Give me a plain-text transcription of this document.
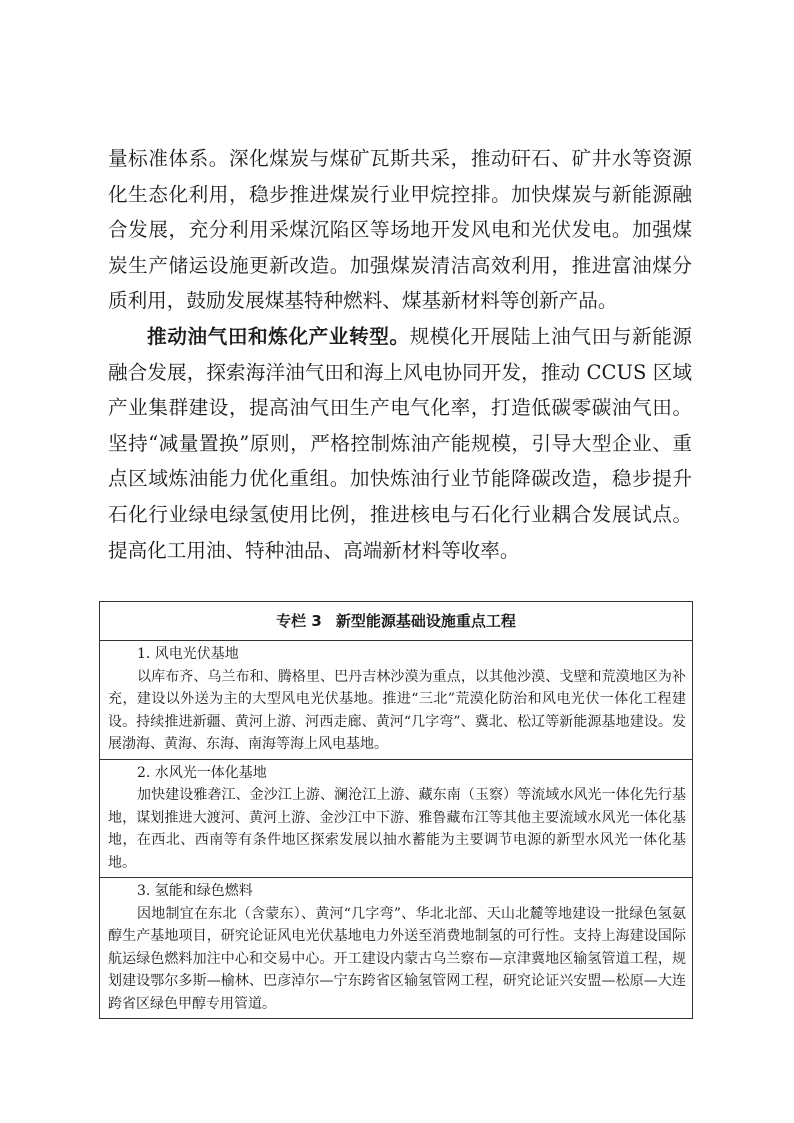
量标准体系。深化煤炭与煤矿瓦斯共采，推动矸石、矿井水等资源化生态化利用，稳步推进煤炭行业甲烷控排。加快煤炭与新能源融合发展，充分利用采煤沉陷区等场地开发风电和光伏发电。加强煤炭生产储运设施更新改造。加强煤炭清洁高效利用，推进富油煤分质利用，鼓励发展煤基特种燃料、煤基新材料等创新产品。

推动油气田和炼化产业转型。规模化开展陆上油气田与新能源融合发展，探索海洋油气田和海上风电协同开发，推动 CCUS 区域产业集群建设，提高油气田生产电气化率，打造低碳零碳油气田。坚持“减量置换”原则，严格控制炼油产能规模，引导大型企业、重点区域炼油能力优化重组。加快炼油行业节能降碳改造，稳步提升石化行业绿电绿氢使用比例，推进核电与石化行业耦合发展试点。提高化工用油、特种油品、高端新材料等收率。

专栏 3 新型能源基础设施重点工程

1. 风电光伏基地

以库布齐、乌兰布和、腾格里、巴丹吉林沙漠为重点，以其他沙漠、戈壁和荒漠地区为补充，建设以外送为主的大型风电光伏基地。推进“三北”荒漠化防治和风电光伏一体化工程建设。持续推进新疆、黄河上游、河西走廊、黄河“几字弯”、冀北、松辽等新能源基地建设。发展渤海、黄海、东海、南海等海上风电基地。

2. 水风光一体化基地

加快建设雅砻江、金沙江上游、澜沧江上游、藏东南（玉察）等流域水风光一体化先行基地，谋划推进大渡河、黄河上游、金沙江中下游、雅鲁藏布江等其他主要流域水风光一体化基地，在西北、西南等有条件地区探索发展以抽水蓄能为主要调节电源的新型水风光一体化基地。

3. 氢能和绿色燃料

因地制宜在东北（含蒙东）、黄河“几字弯”、华北北部、天山北麓等地建设一批绿色氢氨醇生产基地项目，研究论证风电光伏基地电力外送至消费地制氢的可行性。支持上海建设国际航运绿色燃料加注中心和交易中心。开工建设内蒙古乌兰察布—京津冀地区输氢管道工程，规划建设鄂尔多斯—榆林、巴彦淖尔—宁东跨省区输氢管网工程，研究论证兴安盟—松原—大连跨省区绿色甲醇专用管道。
